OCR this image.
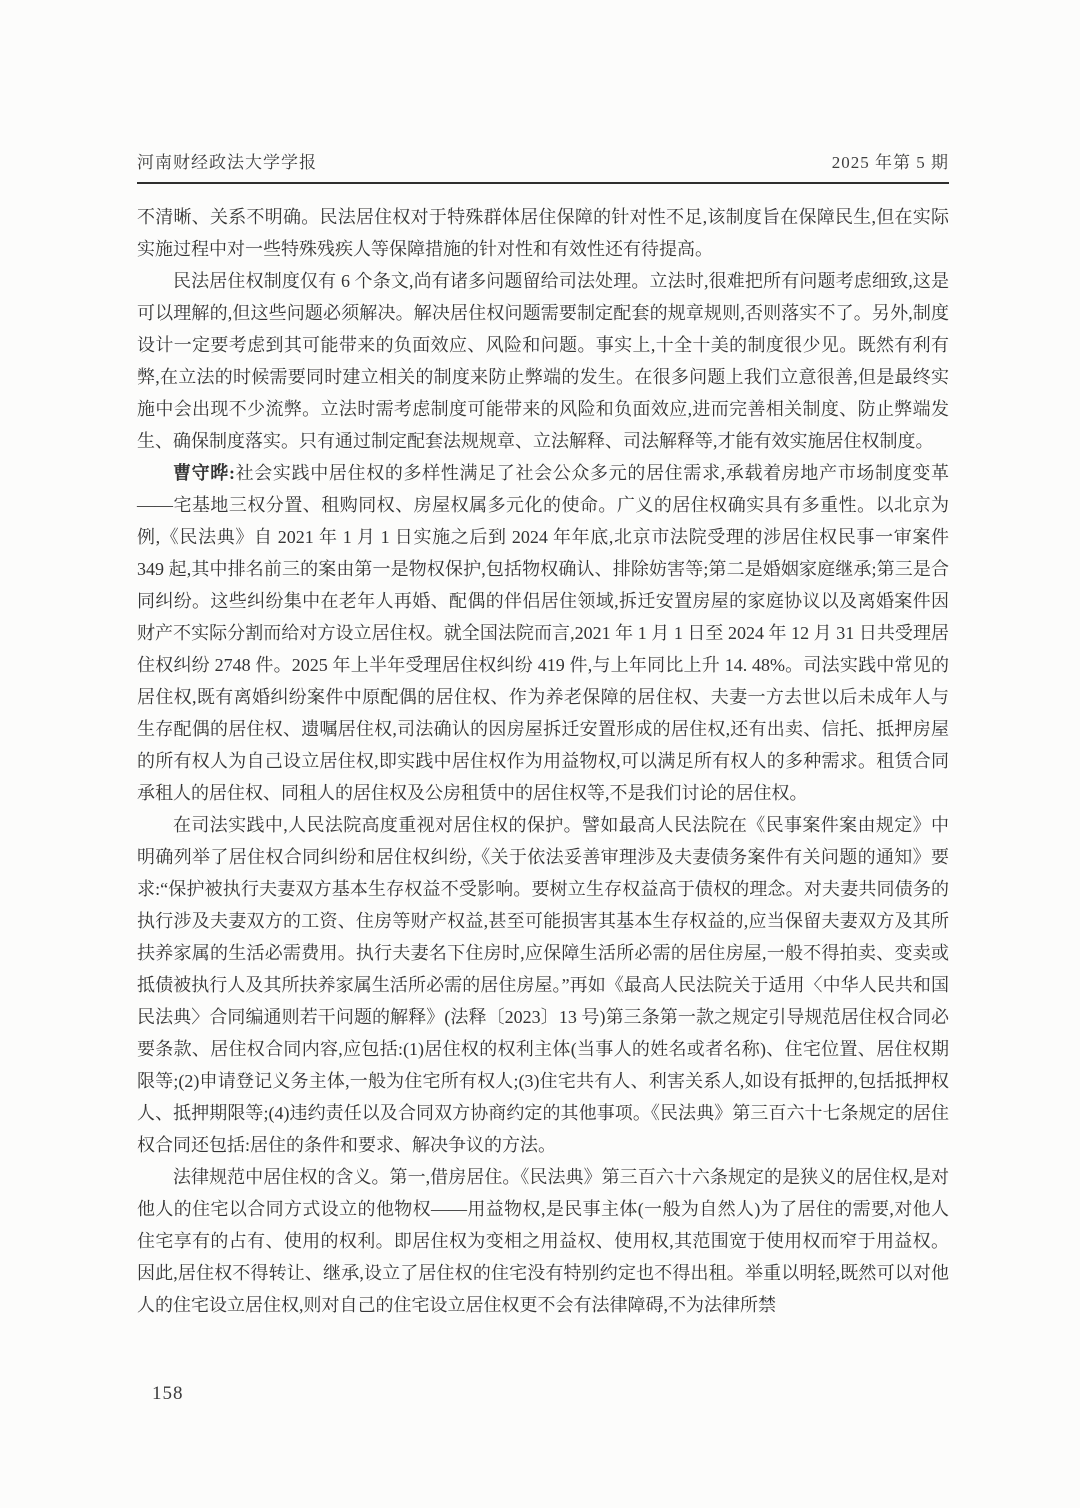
河南财经政法大学学报	2025 年第 5 期

不清晰、关系不明确。民法居住权对于特殊群体居住保障的针对性不足,该制度旨在保障民生,但在实际实施过程中对一些特殊残疾人等保障措施的针对性和有效性还有待提高。

民法居住权制度仅有 6 个条文,尚有诸多问题留给司法处理。立法时,很难把所有问题考虑细致,这是可以理解的,但这些问题必须解决。解决居住权问题需要制定配套的规章规则,否则落实不了。另外,制度设计一定要考虑到其可能带来的负面效应、风险和问题。事实上,十全十美的制度很少见。既然有利有弊,在立法的时候需要同时建立相关的制度来防止弊端的发生。在很多问题上我们立意很善,但是最终实施中会出现不少流弊。立法时需考虑制度可能带来的风险和负面效应,进而完善相关制度、防止弊端发生、确保制度落实。只有通过制定配套法规规章、立法解释、司法解释等,才能有效实施居住权制度。

曹守晔:社会实践中居住权的多样性满足了社会公众多元的居住需求,承载着房地产市场制度变革——宅基地三权分置、租购同权、房屋权属多元化的使命。广义的居住权确实具有多重性。以北京为例,《民法典》自 2021 年 1 月 1 日实施之后到 2024 年年底,北京市法院受理的涉居住权民事一审案件 349 起,其中排名前三的案由第一是物权保护,包括物权确认、排除妨害等;第二是婚姻家庭继承;第三是合同纠纷。这些纠纷集中在老年人再婚、配偶的伴侣居住领域,拆迁安置房屋的家庭协议以及离婚案件因财产不实际分割而给对方设立居住权。就全国法院而言,2021 年 1 月 1 日至 2024 年 12 月 31 日共受理居住权纠纷 2748 件。2025 年上半年受理居住权纠纷 419 件,与上年同比上升 14. 48%。司法实践中常见的居住权,既有离婚纠纷案件中原配偶的居住权、作为养老保障的居住权、夫妻一方去世以后未成年人与生存配偶的居住权、遗嘱居住权,司法确认的因房屋拆迁安置形成的居住权,还有出卖、信托、抵押房屋的所有权人为自己设立居住权,即实践中居住权作为用益物权,可以满足所有权人的多种需求。租赁合同承租人的居住权、同租人的居住权及公房租赁中的居住权等,不是我们讨论的居住权。

在司法实践中,人民法院高度重视对居住权的保护。譬如最高人民法院在《民事案件案由规定》中明确列举了居住权合同纠纷和居住权纠纷,《关于依法妥善审理涉及夫妻债务案件有关问题的通知》要求:“保护被执行夫妻双方基本生存权益不受影响。要树立生存权益高于债权的理念。对夫妻共同债务的执行涉及夫妻双方的工资、住房等财产权益,甚至可能损害其基本生存权益的,应当保留夫妻双方及其所扶养家属的生活必需费用。执行夫妻名下住房时,应保障生活所必需的居住房屋,一般不得拍卖、变卖或抵债被执行人及其所扶养家属生活所必需的居住房屋。”再如《最高人民法院关于适用〈中华人民共和国民法典〉合同编通则若干问题的解释》(法释〔2023〕13 号)第三条第一款之规定引导规范居住权合同必要条款、居住权合同内容,应包括:(1)居住权的权利主体(当事人的姓名或者名称)、住宅位置、居住权期限等;(2)申请登记义务主体,一般为住宅所有权人;(3)住宅共有人、利害关系人,如设有抵押的,包括抵押权人、抵押期限等;(4)违约责任以及合同双方协商约定的其他事项。《民法典》第三百六十七条规定的居住权合同还包括:居住的条件和要求、解决争议的方法。

法律规范中居住权的含义。第一,借房居住。《民法典》第三百六十六条规定的是狭义的居住权,是对他人的住宅以合同方式设立的他物权——用益物权,是民事主体(一般为自然人)为了居住的需要,对他人住宅享有的占有、使用的权利。即居住权为变相之用益权、使用权,其范围宽于使用权而窄于用益权。因此,居住权不得转让、继承,设立了居住权的住宅没有特别约定也不得出租。举重以明轻,既然可以对他人的住宅设立居住权,则对自己的住宅设立居住权更不会有法律障碍,不为法律所禁

158
